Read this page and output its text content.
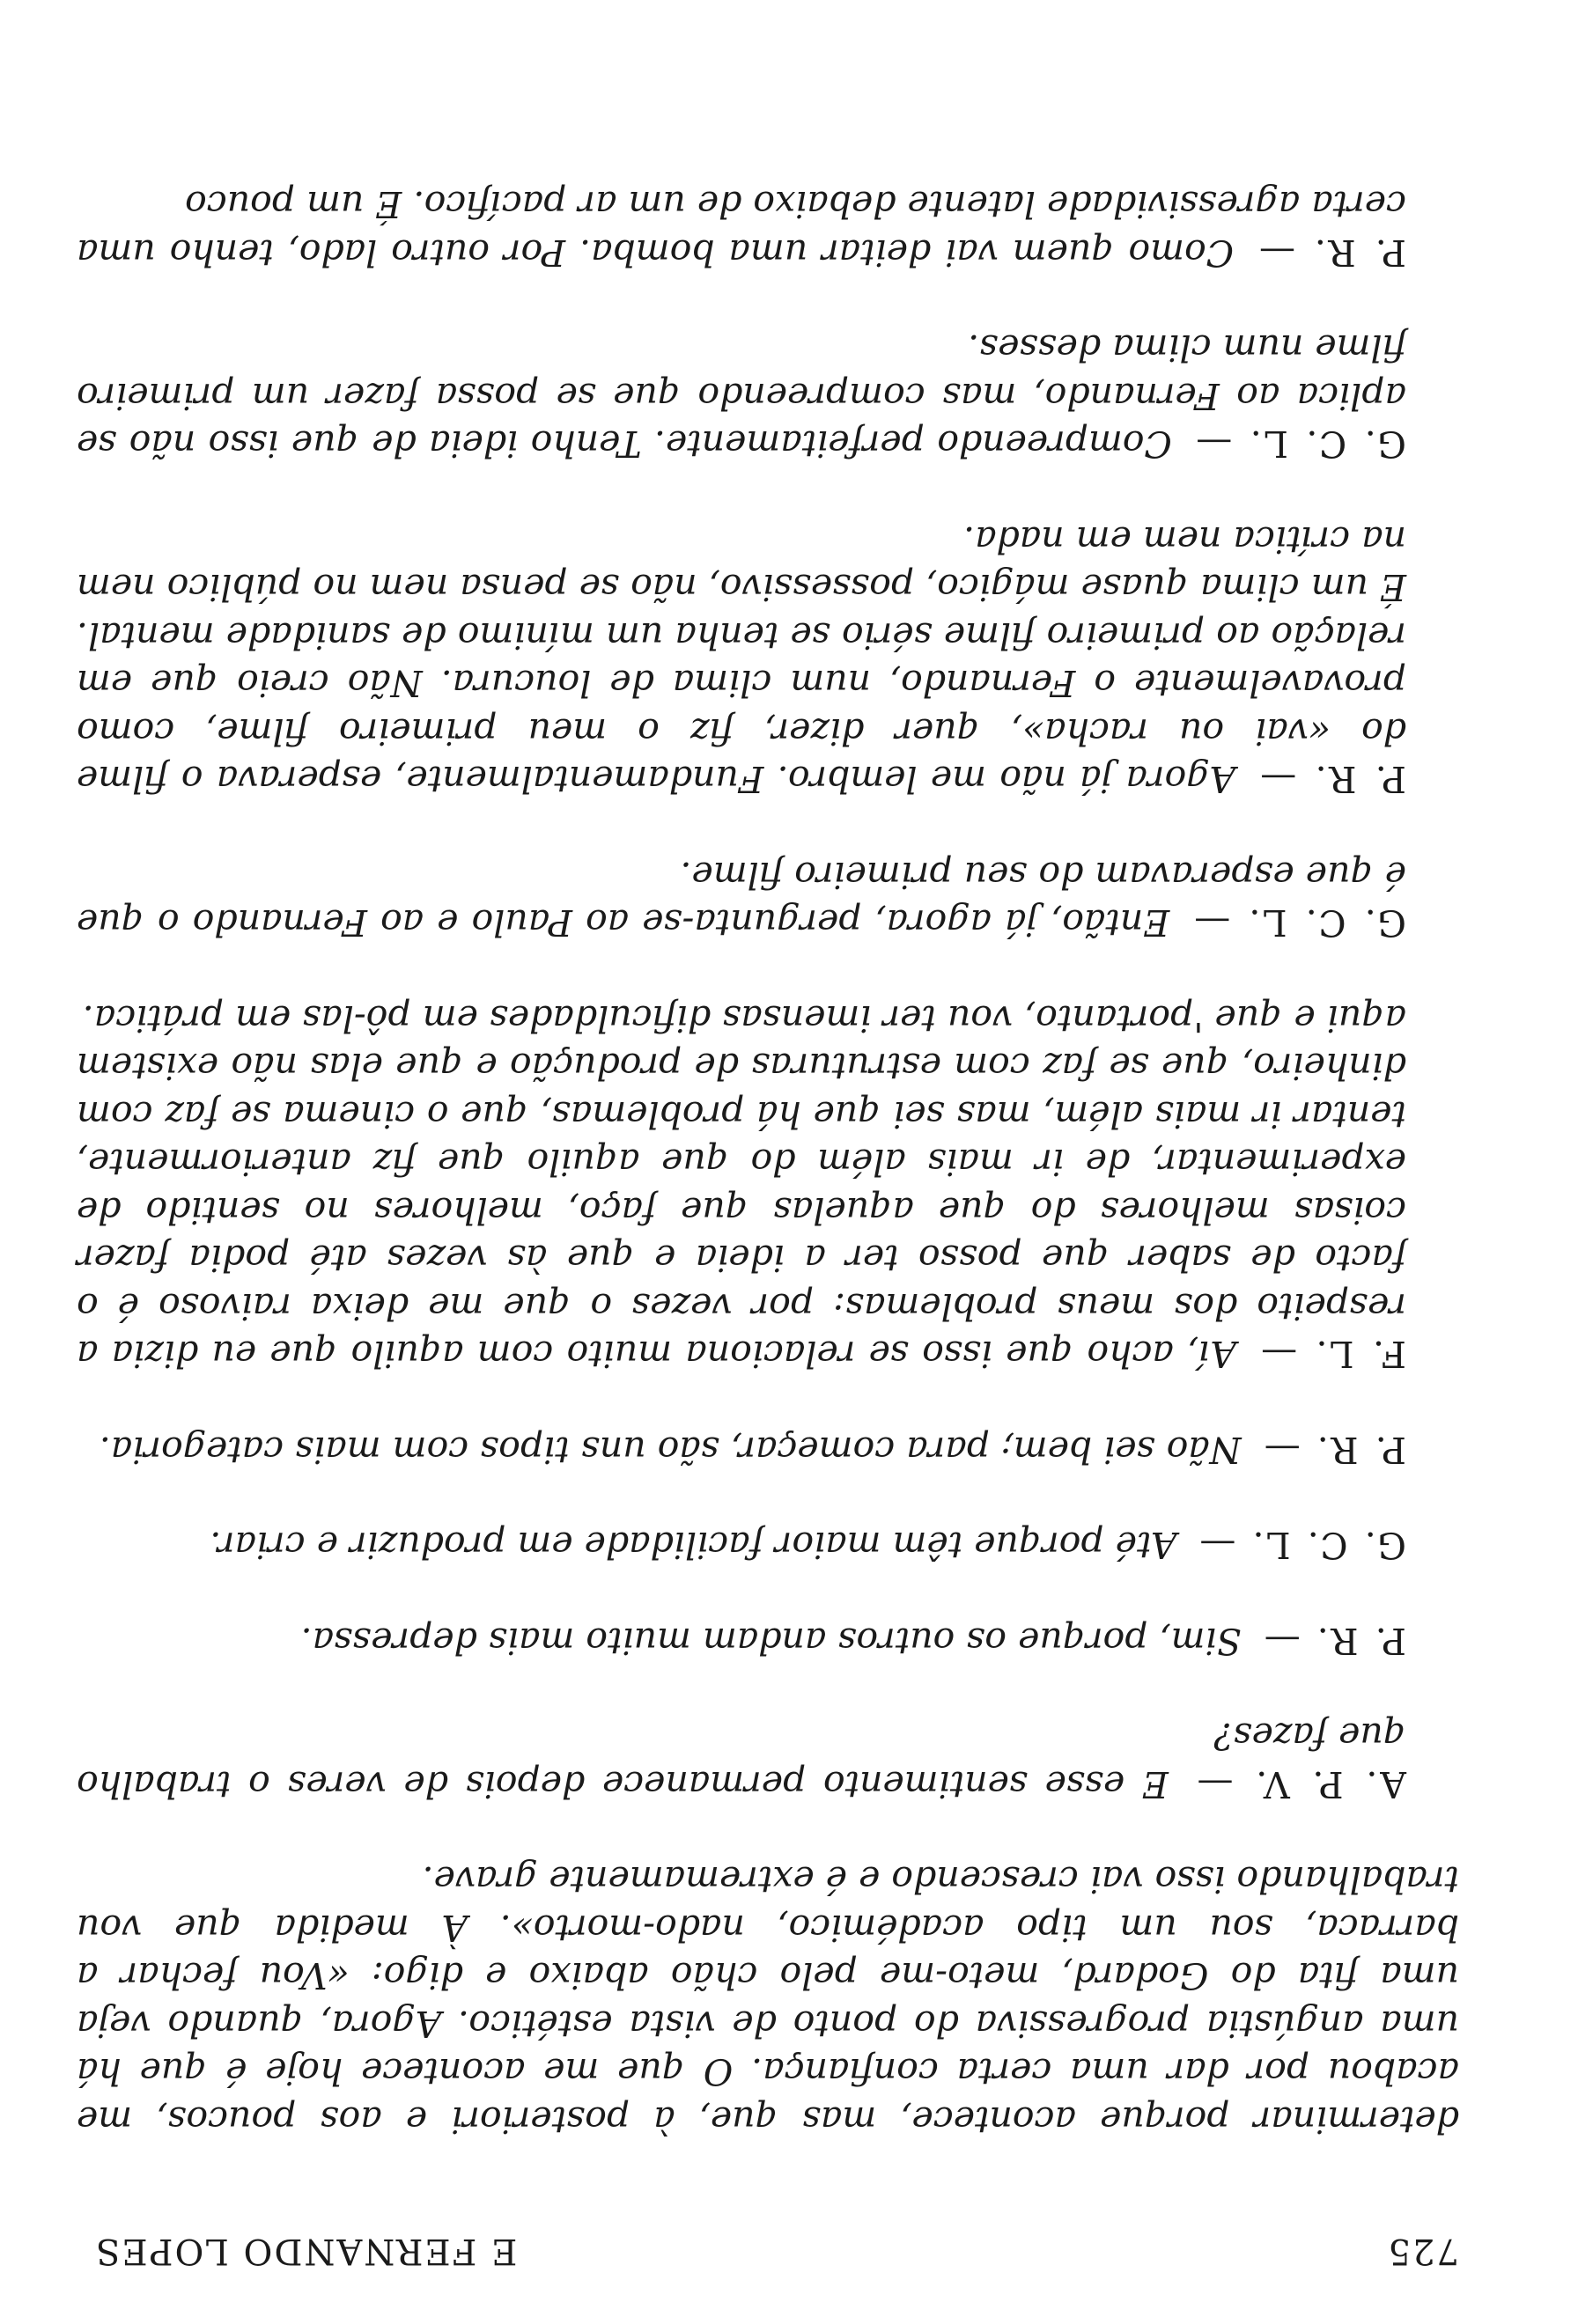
725
E FERNANDO LOPES

determinar porque acontece, mas que, à posteriori e aos poucos, me acabou por dar uma certa confiança. O que me acontece hoje é que há uma angústia progressiva do ponto de vista estético. Agora, quando veja uma fita do Godard, meto-me pelo chão abaixo e digo: «Vou fechar a barraca, sou um tipo académico, nado-morto». À medida que vou trabalhando isso vai crescendo e é extremamente grave.

A. P. V. — E esse sentimento permanece depois de veres o trabalho que fazes?

P. R. — Sim, porque os outros andam muito mais depressa.

G. C. L. — Até porque têm maior facilidade em produzir e criar.

P. R. — Não sei bem; para começar, são uns tipos com mais categoria.

F. L. — Aí, acho que isso se relaciona muito com aquilo que eu dizia a respeito dos meus problemas: por vezes o que me deixa raivoso é o facto de saber que posso ter a ideia e que às vezes até podia fazer coisas melhores do que aquelas que faço, melhores no sentido de experimentar, de ir mais além do que aquilo que fiz anteriormente, tentar ir mais além, mas sei que há problemas, que o cinema se faz com dinheiro, que se faz com estruturas de produção e que elas não existem aqui e que 'portanto, vou ter imensas dificuldades em pô-las em prática.

G. C. L. — Então, já agora, pergunta-se ao Paulo e ao Fernando o que é que esperavam do seu primeiro filme.

P. R. — Agora já não me lembro. Fundamentalmente, esperava o filme do «vai ou racha», quer dizer, fiz o meu primeiro filme, como provavelmente o Fernando, num clima de loucura. Não creio que em relação ao primeiro filme sério se tenha um mínimo de sanidade mental. É um clima quase mágico, possessivo, não se pensa nem no público nem na crítica nem em nada.

G. C. L. — Compreendo perfeitamente. Tenho ideia de que isso não se aplica ao Fernando, mas compreendo que se possa fazer um primeiro filme num clima desses.

P. R. — Como quem vai deitar uma bomba. Por outro lado, tenho uma certa agressividade latente debaixo de um ar pacífico. É um pouco
